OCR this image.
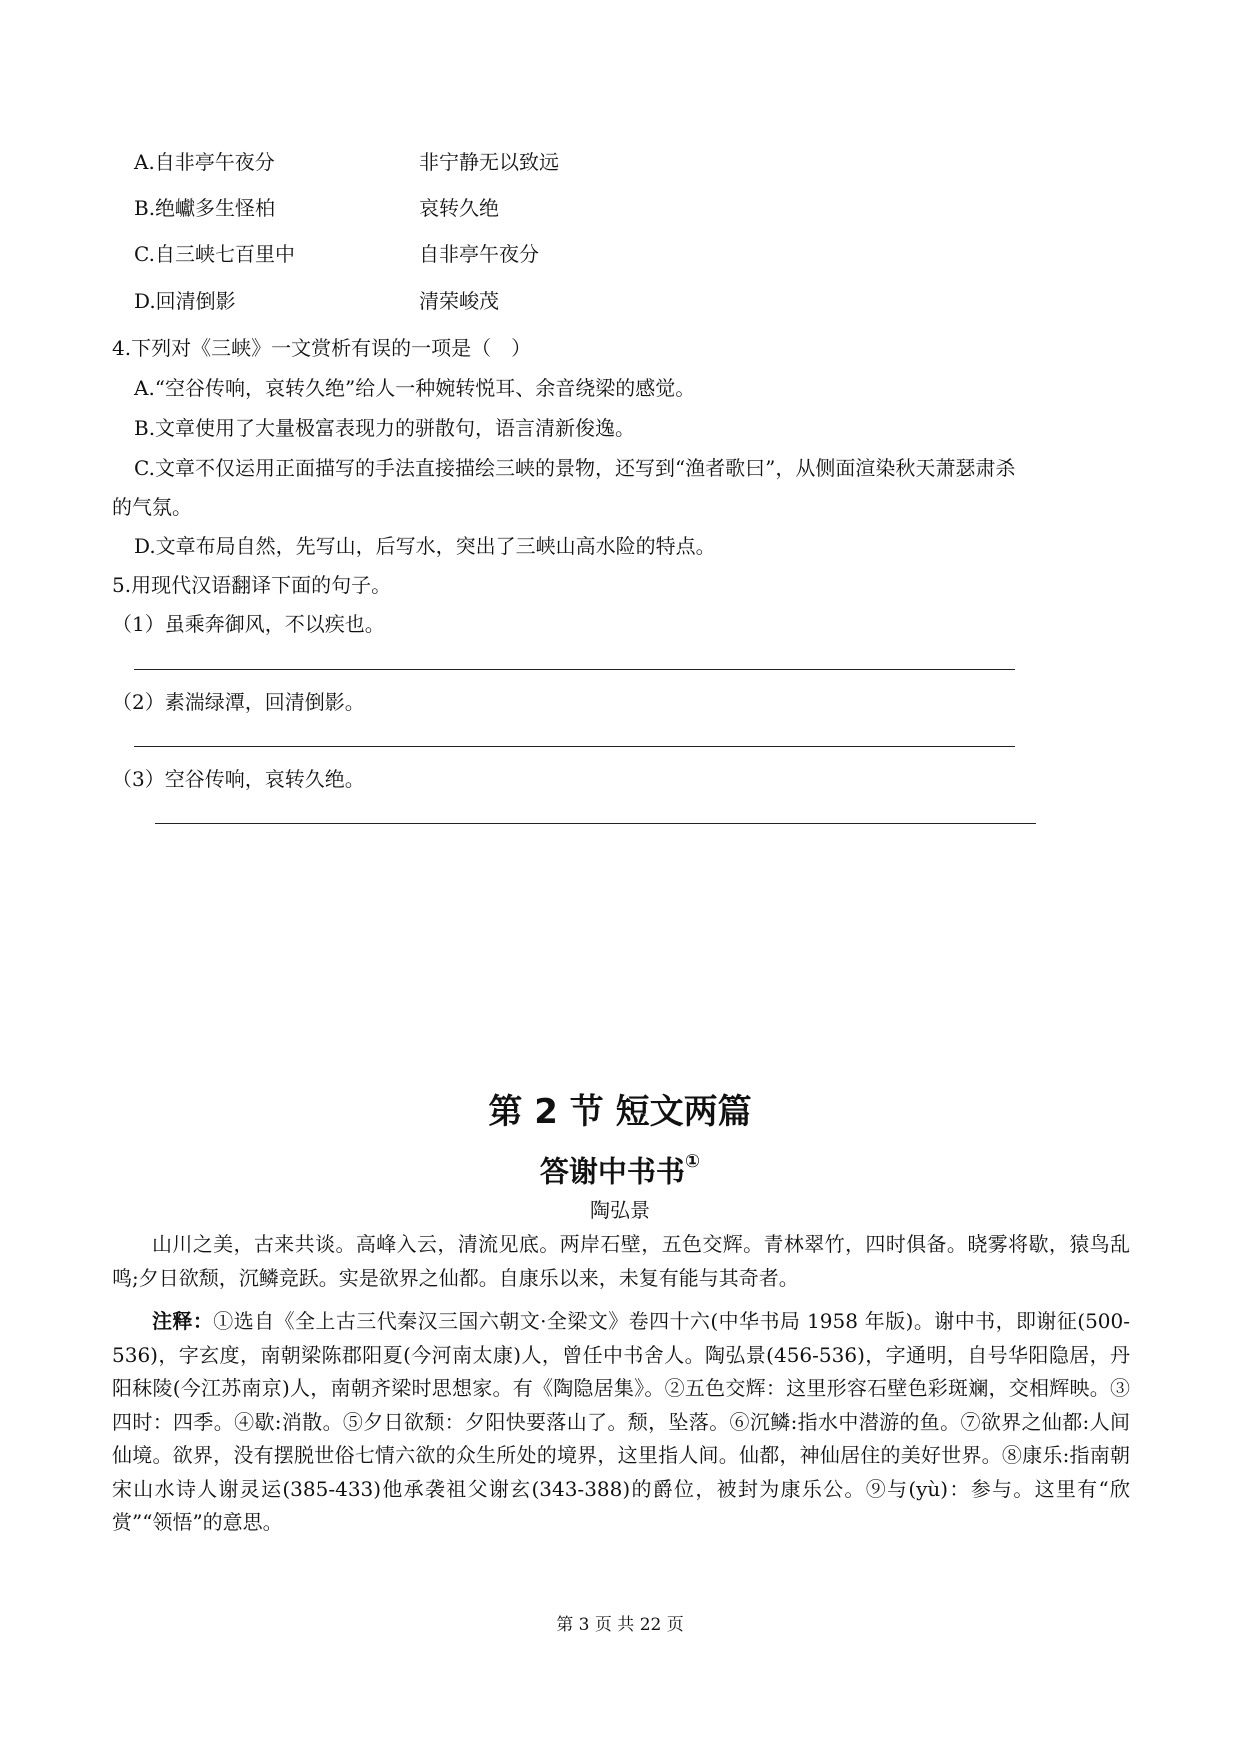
A.自非亭午夜分	非宁静无以致远
B.绝巘多生怪柏	哀转久绝
C.自三峡七百里中	自非亭午夜分
D.回清倒影	清荣峻茂
4.下列对《三峡》一文赏析有误的一项是（　）
A.“空谷传响，哀转久绝”给人一种婉转悦耳、余音绕梁的感觉。
B.文章使用了大量极富表现力的骈散句，语言清新俊逸。
C.文章不仅运用正面描写的手法直接描绘三峡的景物，还写到“渔者歌曰”，从侧面渲染秋天萧瑟肃杀
的气氛。
D.文章布局自然，先写山，后写水，突出了三峡山高水险的特点。
5.用现代汉语翻译下面的句子。
（1）虽乘奔御风，不以疾也。
（2）素湍绿潭，回清倒影。
（3）空谷传响，哀转久绝。
第 2 节 短文两篇
答谢中书书①
陶弘景
山川之美，古来共谈。高峰入云，清流见底。两岸石壁，五色交辉。青林翠竹，四时俱备。晓雾将歇，猿鸟乱鸣;夕日欲颓，沉鳞竞跃。实是欲界之仙都。自康乐以来，未复有能与其奇者。
注释：①选自《全上古三代秦汉三国六朝文·全梁文》卷四十六(中华书局 1958 年版)。谢中书，即谢征(500-536)，字玄度，南朝梁陈郡阳夏(今河南太康)人，曾任中书舍人。陶弘景(456-536)，字通明，自号华阳隐居，丹阳秣陵(今江苏南京)人，南朝齐梁时思想家。有《陶隐居集》。②五色交辉：这里形容石壁色彩斑斓，交相辉映。③四时：四季。④歇:消散。⑤夕日欲颓：夕阳快要落山了。颓，坠落。⑥沉鳞:指水中潜游的鱼。⑦欲界之仙都:人间仙境。欲界，没有摆脱世俗七情六欲的众生所处的境界，这里指人间。仙都，神仙居住的美好世界。⑧康乐:指南朝宋山水诗人谢灵运(385-433)他承袭祖父谢玄(343-388)的爵位，被封为康乐公。⑨与(yù)：参与。这里有“欣赏”“领悟”的意思。
第 3 页 共 22 页
